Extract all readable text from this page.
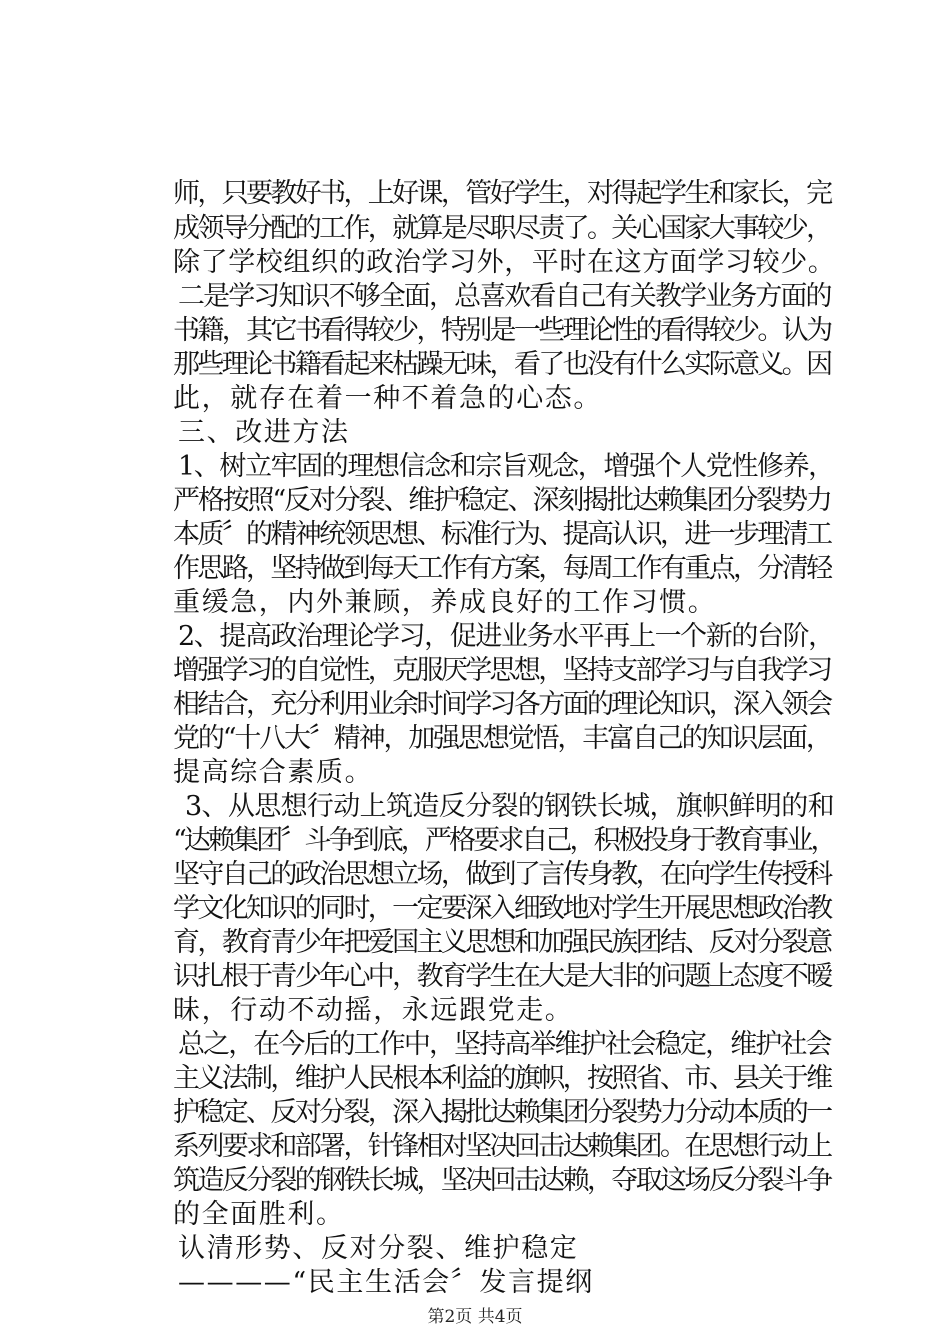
师，只要教好书，上好课，管好学生，对得起学生和家长，完
成领导分配的工作，就算是尽职尽责了。关心国家大事较少，
除了学校组织的政治学习外，平时在这方面学习较少。
二是学习知识不够全面，总喜欢看自己有关教学业务方面的
书籍，其它书看得较少，特别是一些理论性的看得较少。认为
那些理论书籍看起来枯躁无味，看了也没有什么实际意义。因
此，就存在着一种不着急的心态。
三、改进方法
1、树立牢固的理想信念和宗旨观念，增强个人党性修养，
严格按照“反对分裂、维护稳定、深刻揭批达赖集团分裂势力
本质〞的精神统领思想、标准行为、提高认识，进一步理清工
作思路，坚持做到每天工作有方案，每周工作有重点，分清轻
重缓急，内外兼顾，养成良好的工作习惯。
2、提高政治理论学习，促进业务水平再上一个新的台阶，
增强学习的自觉性，克服厌学思想，坚持支部学习与自我学习
相结合，充分利用业余时间学习各方面的理论知识，深入领会
党的“十八大〞精神，加强思想觉悟，丰富自己的知识层面，
提高综合素质。
3、从思想行动上筑造反分裂的钢铁长城，旗帜鲜明的和
“达赖集团〞斗争到底，严格要求自己，积极投身于教育事业，
坚守自己的政治思想立场，做到了言传身教，在向学生传授科
学文化知识的同时，一定要深入细致地对学生开展思想政治教
育，教育青少年把爱国主义思想和加强民族团结、反对分裂意
识扎根于青少年心中，教育学生在大是大非的问题上态度不暧
昧，行动不动摇，永远跟党走。
总之，在今后的工作中，坚持高举维护社会稳定，维护社会
主义法制，维护人民根本利益的旗帜，按照省、市、县关于维
护稳定、反对分裂，深入揭批达赖集团分裂势力分动本质的一
系列要求和部署，针锋相对坚决回击达赖集团。在思想行动上
筑造反分裂的钢铁长城，坚决回击达赖，夺取这场反分裂斗争
的全面胜利。
认清形势、反对分裂、维护稳定
————“民主生活会〞发言提纲
第2页 共4页
